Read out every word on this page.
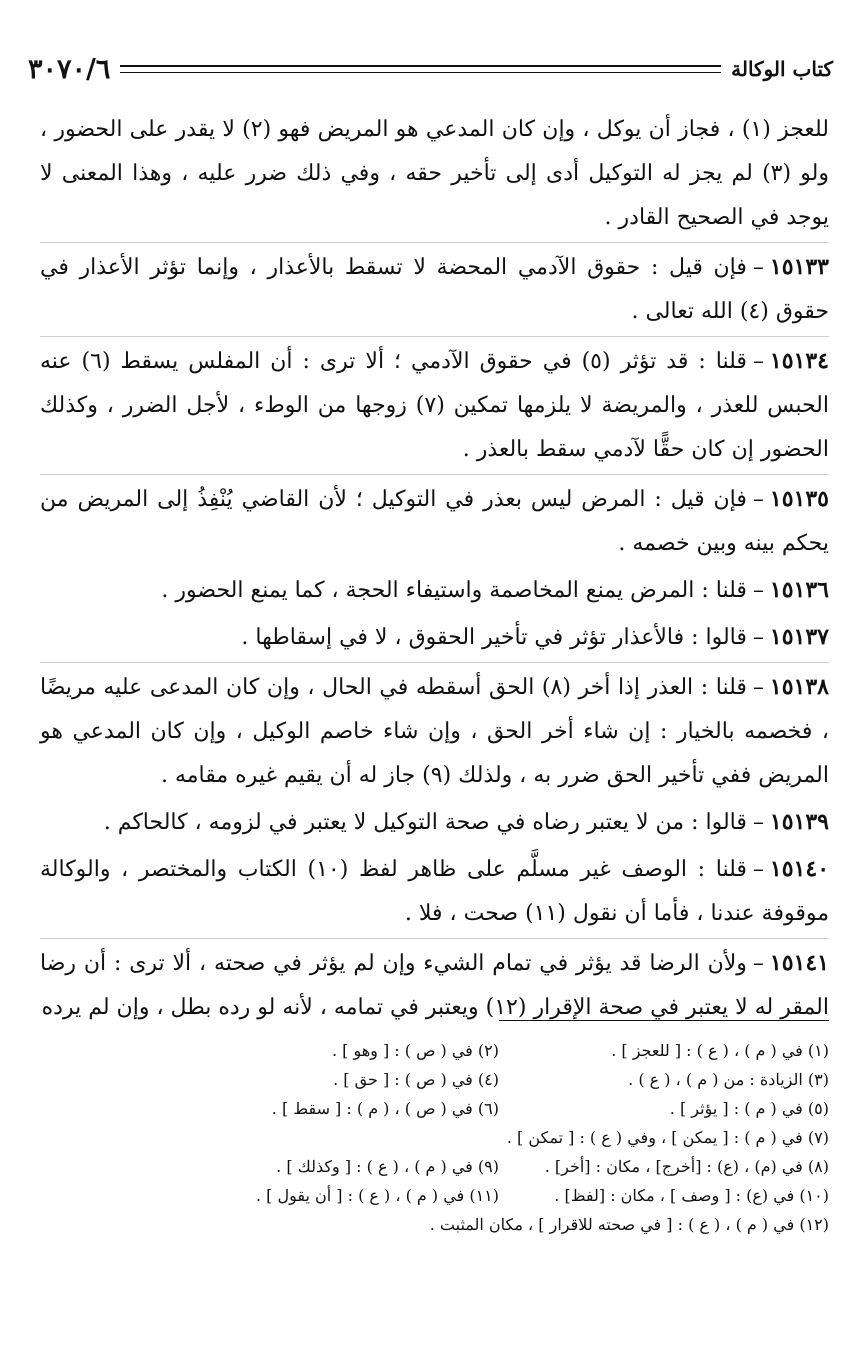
٣٠٧٠/٦	كتاب الوكالة

للعجز (١) ، فجاز أن يوكل ، وإن كان المدعي هو المريض فهو (٢) لا يقدر على الحضور ، ولو (٣) لم يجز له التوكيل أدى إلى تأخير حقه ، وفي ذلك ضرر عليه ، وهذا المعنى لا يوجد في الصحيح القادر .

١٥١٣٣–فإن قيل : حقوق الآدمي المحضة لا تسقط بالأعذار ، وإنما تؤثر الأعذار في حقوق (٤) الله تعالى .

١٥١٣٤–قلنا : قد تؤثر (٥) في حقوق الآدمي ؛ ألا ترى : أن المفلس يسقط (٦) عنه الحبس للعذر ، والمريضة لا يلزمها تمكين (٧) زوجها من الوطء ، لأجل الضرر ، وكذلك الحضور إن كان حقًّا لآدمي سقط بالعذر .

١٥١٣٥–فإن قيل : المرض ليس بعذر في التوكيل ؛ لأن القاضي يُنْفِذُ إلى المريض من يحكم بينه وبين خصمه .

١٥١٣٦–قلنا : المرض يمنع المخاصمة واستيفاء الحجة ، كما يمنع الحضور .

١٥١٣٧–قالوا : فالأعذار تؤثر في تأخير الحقوق ، لا في إسقاطها .

١٥١٣٨–قلنا : العذر إذا أخر (٨) الحق أسقطه في الحال ، وإن كان المدعى عليه مريضًا ، فخصمه بالخيار : إن شاء أخر الحق ، وإن شاء خاصم الوكيل ، وإن كان المدعي هو المريض ففي تأخير الحق ضرر به ، ولذلك (٩) جاز له أن يقيم غيره مقامه .

١٥١٣٩–قالوا : من لا يعتبر رضاه في صحة التوكيل لا يعتبر في لزومه ، كالحاكم .

١٥١٤٠–قلنا : الوصف غير مسلَّم على ظاهر لفظ (١٠) الكتاب والمختصر ، والوكالة موقوفة عندنا ، فأما أن نقول (١١) صحت ، فلا .

١٥١٤١–ولأن الرضا قد يؤثر في تمام الشيء وإن لم يؤثر في صحته ، ألا ترى : أن رضا المقر له لا يعتبر في صحة الإقرار (١٢) ويعتبر في تمامه ، لأنه لو رده بطل ، وإن لم يرده

(١) في ( م ) ، ( ع ) : [ للعجز ] .
(٢) في ( ص ) : [ وهو ] .
(٣) الزيادة : من ( م ) ، ( ع ) .
(٤) في ( ص ) : [ حق ] .
(٥) في ( م ) : [ يؤثر ] .
(٦) في ( ص ) ، ( م ) : [ سقط ] .
(٧) في ( م ) : [ يمكن ] ، وفي ( ع ) : [ تمكن ] .
(٨) في (م) ، (ع) : [أخرج] ، مكان : [أخر] .
(٩) في ( م ) ، ( ع ) : [ وكذلك ] .
(١٠) في (ع) : [ وصف ] ، مكان : [لفظ] .
(١١) في ( م ) ، ( ع ) : [ أن يقول ] .
(١٢) في ( م ) ، ( ع ) : [ في صحته للاقرار ] ، مكان المثبت .
